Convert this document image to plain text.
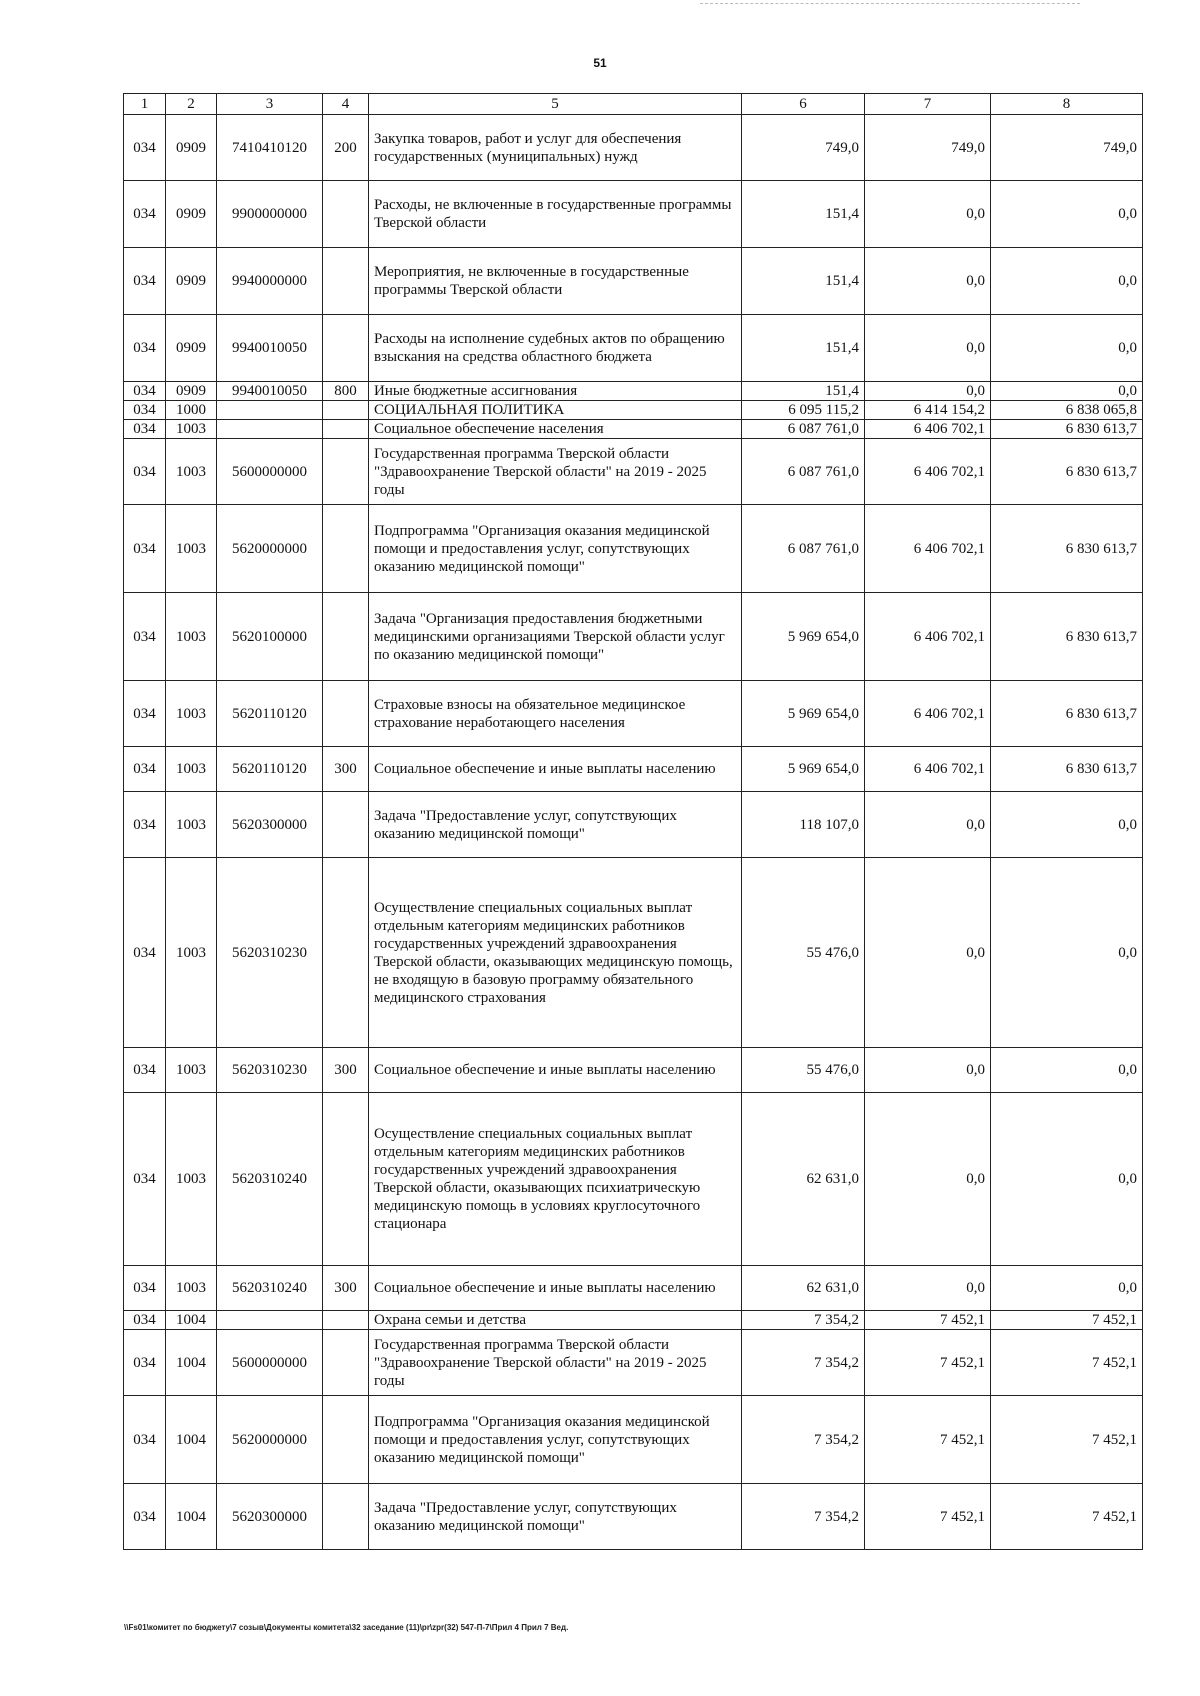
51
1	2	3	4	5	6	7	8
034	0909	7410410120	200	Закупка товаров, работ и услуг для обеспечения государственных (муниципальных) нужд	749,0	749,0	749,0
034	0909	9900000000		Расходы, не включенные в государственные программы Тверской области	151,4	0,0	0,0
034	0909	9940000000		Мероприятия, не включенные в государственные программы Тверской области	151,4	0,0	0,0
034	0909	9940010050		Расходы на исполнение судебных актов по обращению взыскания на средства областного бюджета	151,4	0,0	0,0
034	0909	9940010050	800	Иные бюджетные ассигнования	151,4	0,0	0,0
034	1000			СОЦИАЛЬНАЯ ПОЛИТИКА	6 095 115,2	6 414 154,2	6 838 065,8
034	1003			Социальное обеспечение населения	6 087 761,0	6 406 702,1	6 830 613,7
034	1003	5600000000		Государственная программа Тверской области "Здравоохранение Тверской области" на 2019 - 2025 годы	6 087 761,0	6 406 702,1	6 830 613,7
034	1003	5620000000		Подпрограмма "Организация оказания медицинской помощи и предоставления услуг, сопутствующих оказанию медицинской помощи"	6 087 761,0	6 406 702,1	6 830 613,7
034	1003	5620100000		Задача "Организация предоставления бюджетными медицинскими организациями Тверской области услуг по оказанию медицинской помощи"	5 969 654,0	6 406 702,1	6 830 613,7
034	1003	5620110120		Страховые взносы на обязательное медицинское страхование неработающего населения	5 969 654,0	6 406 702,1	6 830 613,7
034	1003	5620110120	300	Социальное обеспечение и иные выплаты населению	5 969 654,0	6 406 702,1	6 830 613,7
034	1003	5620300000		Задача "Предоставление услуг, сопутствующих оказанию медицинской помощи"	118 107,0	0,0	0,0
034	1003	5620310230		Осуществление специальных социальных выплат отдельным категориям медицинских работников государственных учреждений здравоохранения Тверской области, оказывающих медицинскую помощь, не входящую в базовую программу обязательного медицинского страхования	55 476,0	0,0	0,0
034	1003	5620310230	300	Социальное обеспечение и иные выплаты населению	55 476,0	0,0	0,0
034	1003	5620310240		Осуществление специальных социальных выплат отдельным категориям медицинских работников государственных учреждений здравоохранения Тверской области, оказывающих психиатрическую медицинскую помощь в условиях круглосуточного стационара	62 631,0	0,0	0,0
034	1003	5620310240	300	Социальное обеспечение и иные выплаты населению	62 631,0	0,0	0,0
034	1004			Охрана семьи и детства	7 354,2	7 452,1	7 452,1
034	1004	5600000000		Государственная программа Тверской области "Здравоохранение Тверской области" на 2019 - 2025 годы	7 354,2	7 452,1	7 452,1
034	1004	5620000000		Подпрограмма "Организация оказания медицинской помощи и предоставления услуг, сопутствующих оказанию медицинской помощи"	7 354,2	7 452,1	7 452,1
034	1004	5620300000		Задача "Предоставление услуг, сопутствующих оказанию медицинской помощи"	7 354,2	7 452,1	7 452,1
\\Fs01\комитет по бюджету\7 созыв\Документы комитета\32 заседание (11)\pr\zpr(32) 547-П-7\Прил 4 Прил 7 Вед.
